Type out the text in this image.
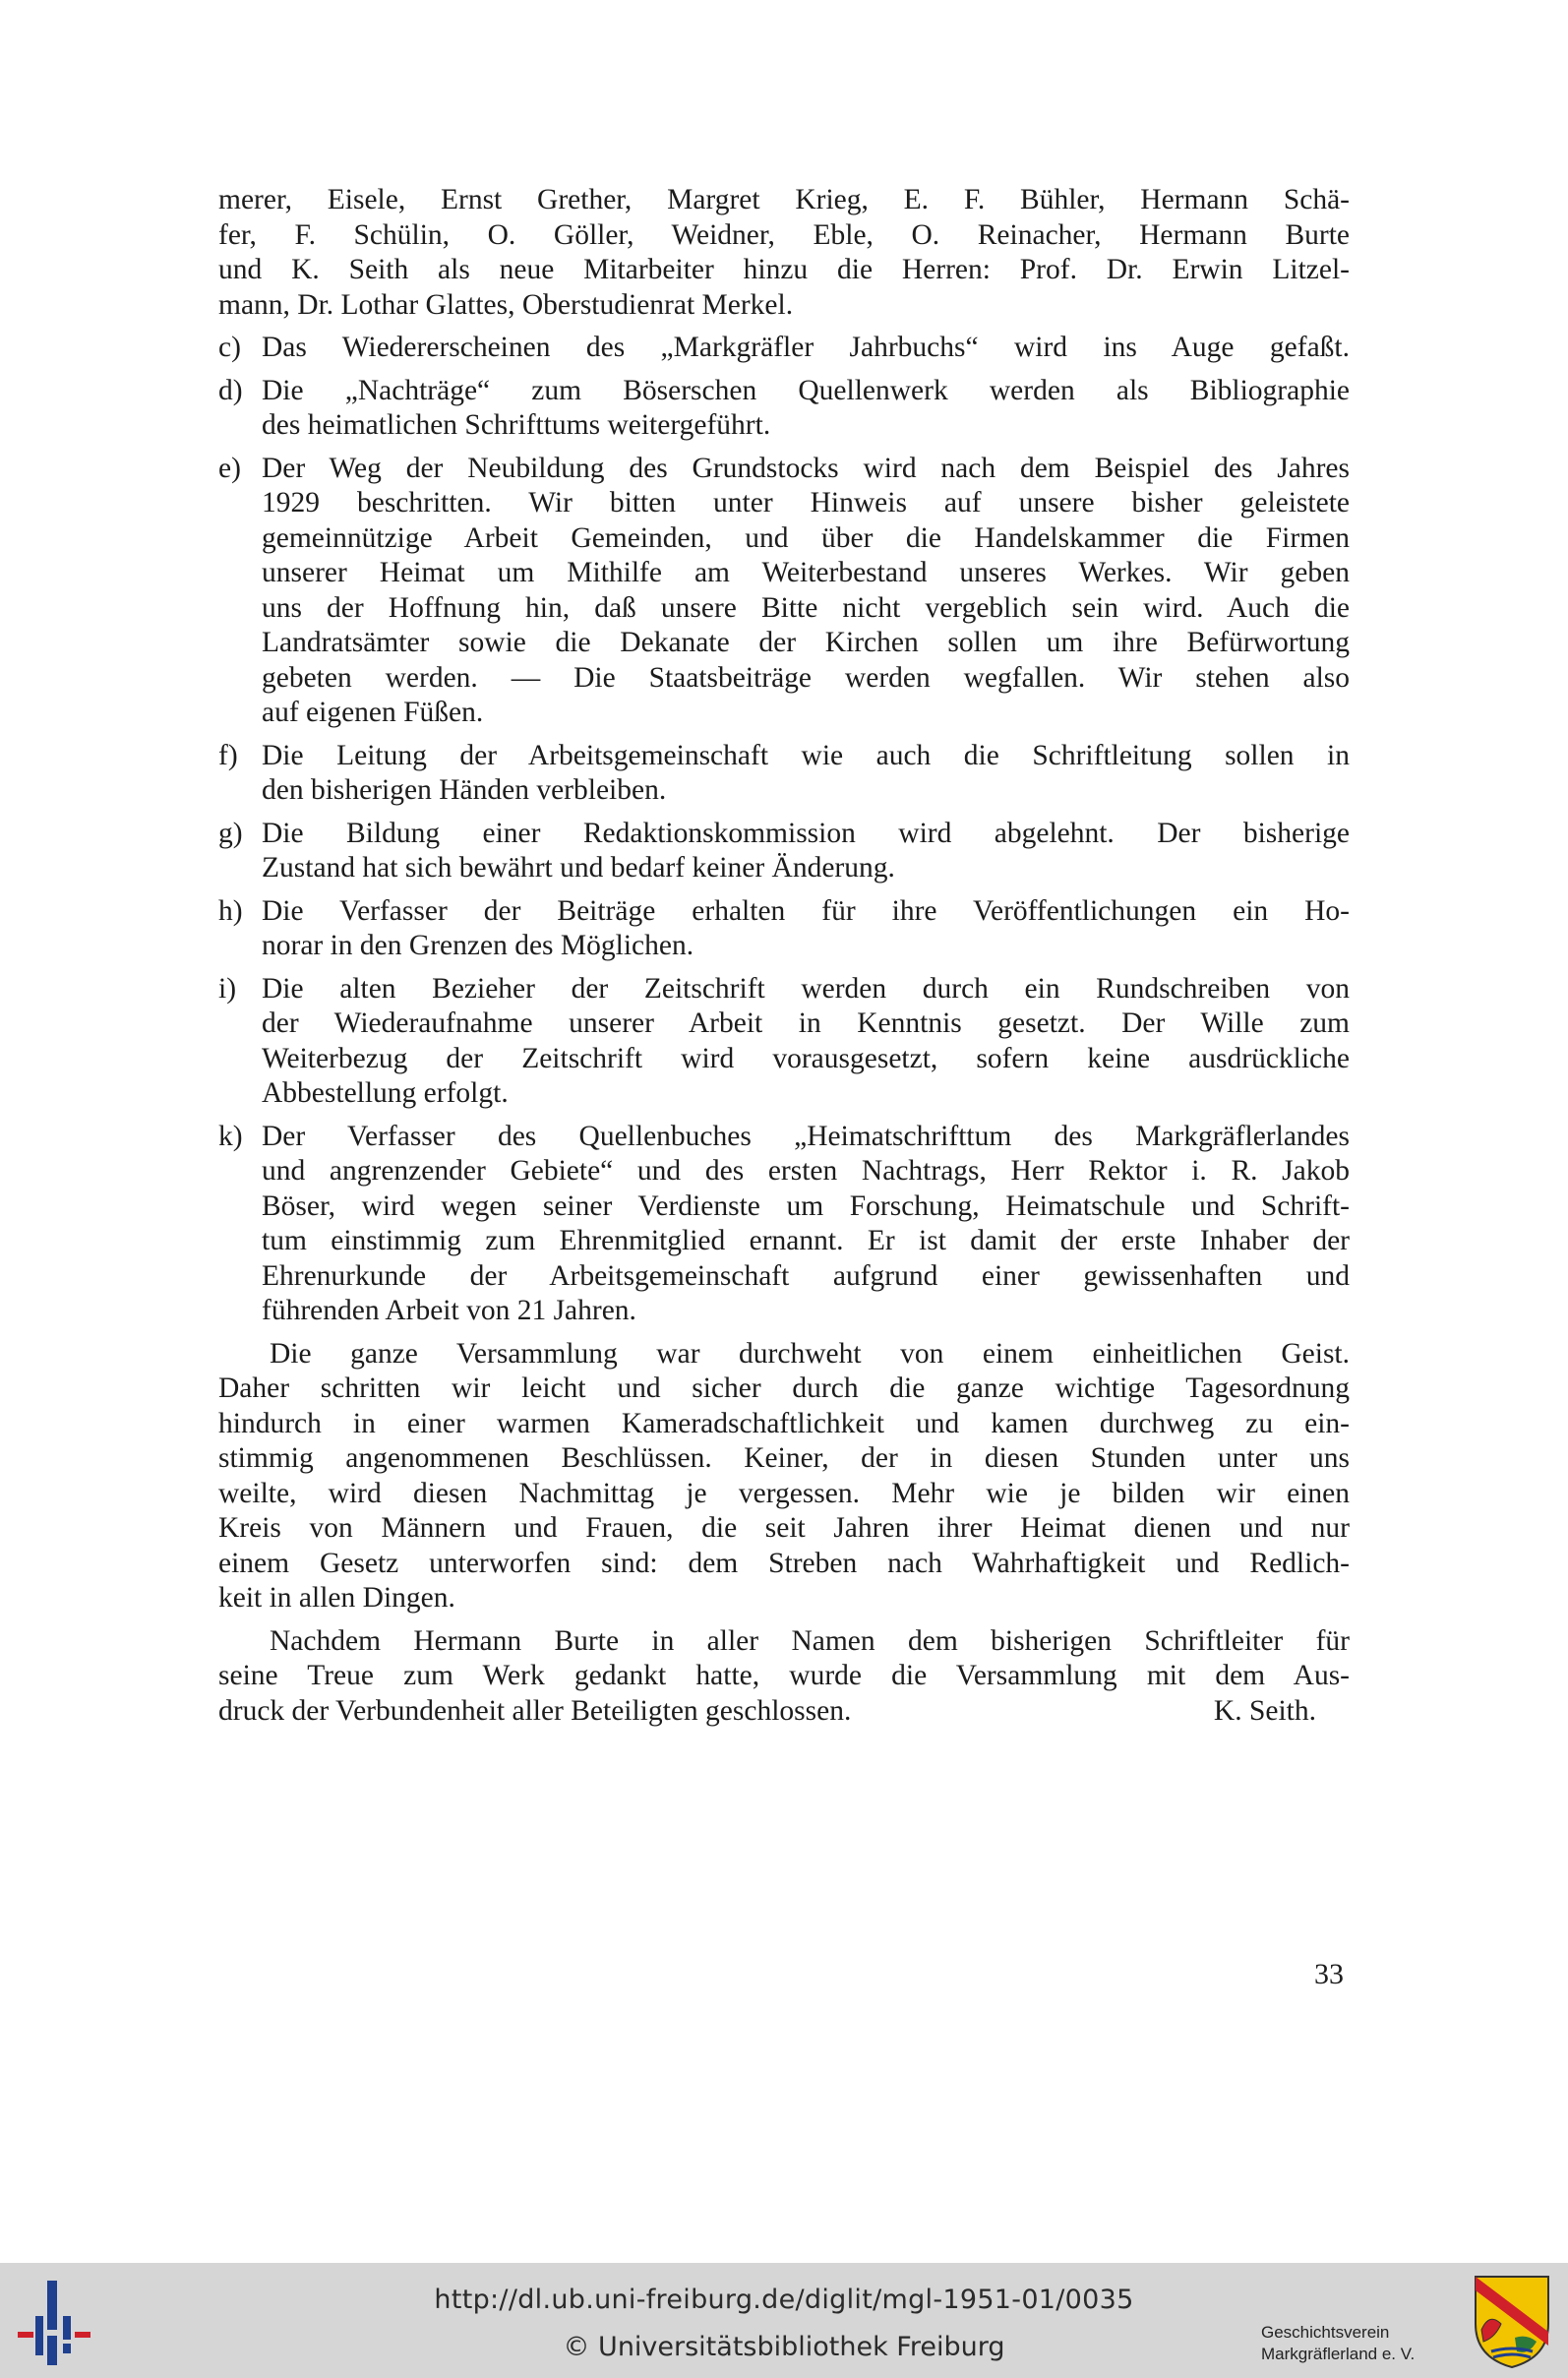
merer, Eisele, Ernst Grether, Margret Krieg, E. F. Bühler, Hermann Schä-
fer, F. Schülin, O. Göller, Weidner, Eble, O. Reinacher, Hermann Burte
und K. Seith als neue Mitarbeiter hinzu die Herren: Prof. Dr. Erwin Litzel-
mann, Dr. Lothar Glattes, Oberstudienrat Merkel.
c) Das Wiedererscheinen des „Markgräfler Jahrbuchs“ wird ins Auge gefaßt.
d) Die „Nachträge“ zum Böserschen Quellenwerk werden als Bibliographie
des heimatlichen Schrifttums weitergeführt.
e) Der Weg der Neubildung des Grundstocks wird nach dem Beispiel des Jahres
1929 beschritten. Wir bitten unter Hinweis auf unsere bisher geleistete
gemeinnützige Arbeit Gemeinden, und über die Handelskammer die Firmen
unserer Heimat um Mithilfe am Weiterbestand unseres Werkes. Wir geben
uns der Hoffnung hin, daß unsere Bitte nicht vergeblich sein wird. Auch die
Landratsämter sowie die Dekanate der Kirchen sollen um ihre Befürwortung
gebeten werden. — Die Staatsbeiträge werden wegfallen. Wir stehen also
auf eigenen Füßen.
f) Die Leitung der Arbeitsgemeinschaft wie auch die Schriftleitung sollen in
den bisherigen Händen verbleiben.
g) Die Bildung einer Redaktionskommission wird abgelehnt. Der bisherige
Zustand hat sich bewährt und bedarf keiner Änderung.
h) Die Verfasser der Beiträge erhalten für ihre Veröffentlichungen ein Ho-
norar in den Grenzen des Möglichen.
i) Die alten Bezieher der Zeitschrift werden durch ein Rundschreiben von
der Wiederaufnahme unserer Arbeit in Kenntnis gesetzt. Der Wille zum
Weiterbezug der Zeitschrift wird vorausgesetzt, sofern keine ausdrückliche
Abbestellung erfolgt.
k) Der Verfasser des Quellenbuches „Heimatschrifttum des Markgräflerlandes
und angrenzender Gebiete“ und des ersten Nachtrags, Herr Rektor i. R. Jakob
Böser, wird wegen seiner Verdienste um Forschung, Heimatschule und Schrift-
tum einstimmig zum Ehrenmitglied ernannt. Er ist damit der erste Inhaber der
Ehrenurkunde der Arbeitsgemeinschaft aufgrund einer gewissenhaften und
führenden Arbeit von 21 Jahren.
Die ganze Versammlung war durchweht von einem einheitlichen Geist.
Daher schritten wir leicht und sicher durch die ganze wichtige Tagesordnung
hindurch in einer warmen Kameradschaftlichkeit und kamen durchweg zu ein-
stimmig angenommenen Beschlüssen. Keiner, der in diesen Stunden unter uns
weilte, wird diesen Nachmittag je vergessen. Mehr wie je bilden wir einen
Kreis von Männern und Frauen, die seit Jahren ihrer Heimat dienen und nur
einem Gesetz unterworfen sind: dem Streben nach Wahrhaftigkeit und Redlich-
keit in allen Dingen.
Nachdem Hermann Burte in aller Namen dem bisherigen Schriftleiter für
seine Treue zum Werk gedankt hatte, wurde die Versammlung mit dem Aus-
druck der Verbundenheit aller Beteiligten geschlossen.	K. Seith.
33
http://dl.ub.uni-freiburg.de/diglit/mgl-1951-01/0035
© Universitätsbibliothek Freiburg	Geschichtsverein
Markgräflerland e. V.
